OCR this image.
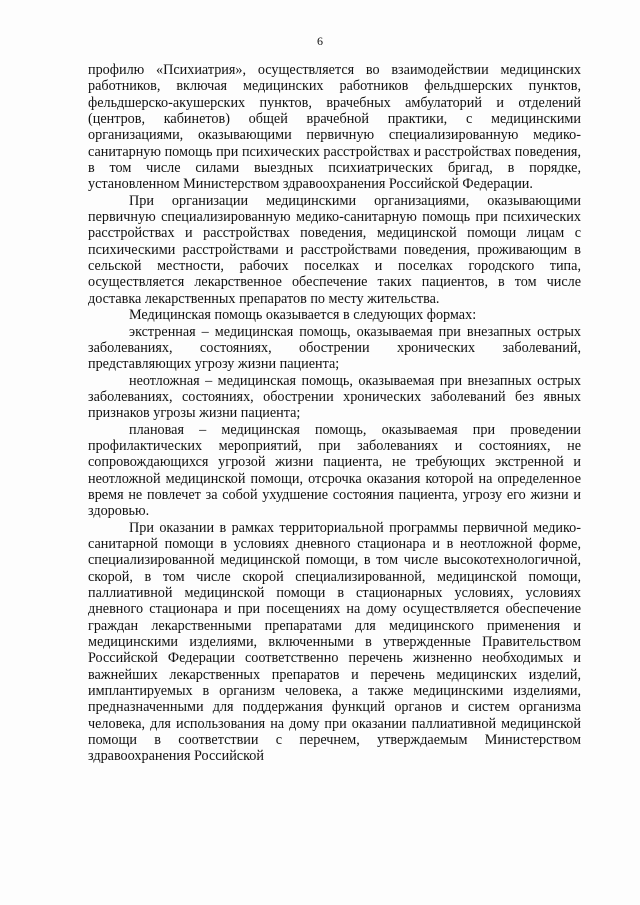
6

профилю «Психиатрия», осуществляется во взаимодействии медицинских работников, включая медицинских работников фельдшерских пунктов, фельдшерско-акушерских пунктов, врачебных амбулаторий и отделений (центров, кабинетов) общей врачебной практики, с медицинскими организациями, оказывающими первичную специализированную медико-санитарную помощь при психических расстройствах и расстройствах поведения, в том числе силами выездных психиатрических бригад, в порядке, установленном Министерством здравоохранения Российской Федерации.

При организации медицинскими организациями, оказывающими первичную специализированную медико-санитарную помощь при психических расстройствах и расстройствах поведения, медицинской помощи лицам с психическими расстройствами и расстройствами поведения, проживающим в сельской местности, рабочих поселках и поселках городского типа, осуществляется лекарственное обеспечение таких пациентов, в том числе доставка лекарственных препаратов по месту жительства.

Медицинская помощь оказывается в следующих формах:

экстренная – медицинская помощь, оказываемая при внезапных острых заболеваниях, состояниях, обострении хронических заболеваний, представляющих угрозу жизни пациента;

неотложная – медицинская помощь, оказываемая при внезапных острых заболеваниях, состояниях, обострении хронических заболеваний без явных признаков угрозы жизни пациента;

плановая – медицинская помощь, оказываемая при проведении профилактических мероприятий, при заболеваниях и состояниях, не сопровождающихся угрозой жизни пациента, не требующих экстренной и неотложной медицинской помощи, отсрочка оказания которой на определенное время не повлечет за собой ухудшение состояния пациента, угрозу его жизни и здоровью.

При оказании в рамках территориальной программы первичной медико-санитарной помощи в условиях дневного стационара и в неотложной форме, специализированной медицинской помощи, в том числе высокотехнологичной, скорой, в том числе скорой специализированной, медицинской помощи, паллиативной медицинской помощи в стационарных условиях, условиях дневного стационара и при посещениях на дому осуществляется обеспечение граждан лекарственными препаратами для медицинского применения и медицинскими изделиями, включенными в утвержденные Правительством Российской Федерации соответственно перечень жизненно необходимых и важнейших лекарственных препаратов и перечень медицинских изделий, имплантируемых в организм человека, а также медицинскими изделиями, предназначенными для поддержания функций органов и систем организма человека, для использования на дому при оказании паллиативной медицинской помощи в соответствии с перечнем, утверждаемым Министерством здравоохранения Российской
